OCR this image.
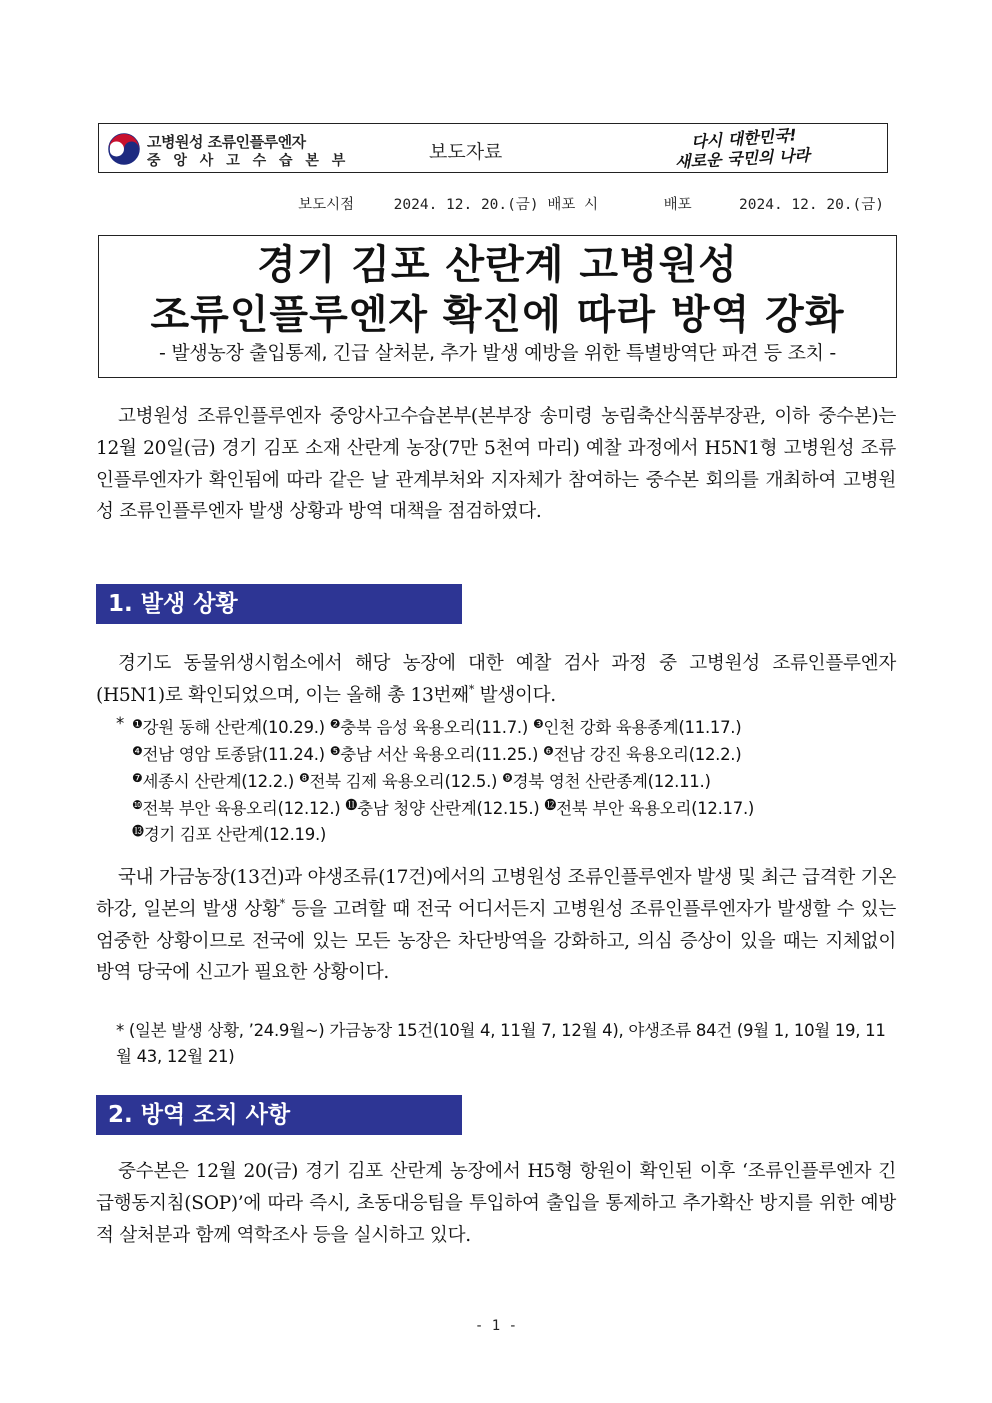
고병원성 조류인플루엔자
중 앙 사 고 수 습 본 부	보도자료
다시 대한민국!
새로운 국민의 나라
보도시점	2024. 12. 20.(금) 배포 시	배포	2024. 12. 20.(금)
경기 김포 산란계 고병원성
조류인플루엔자 확진에 따라 방역 강화
- 발생농장 출입통제, 긴급 살처분, 추가 발생 예방을 위한 특별방역단 파견 등 조치 -
고병원성 조류인플루엔자 중앙사고수습본부(본부장 송미령 농림축산식품부장관, 이하 중수본)는 12월 20일(금) 경기 김포 소재 산란계 농장(7만 5천여 마리) 예찰 과정에서 H5N1형 고병원성 조류인플루엔자가 확인됨에 따라 같은 날 관계부처와 지자체가 참여하는 중수본 회의를 개최하여 고병원성 조류인플루엔자 발생 상황과 방역 대책을 점검하였다.
1. 발생 상황
경기도 동물위생시험소에서 해당 농장에 대한 예찰 검사 과정 중 고병원성 조류인플루엔자(H5N1)로 확인되었으며, 이는 올해 총 13번째* 발생이다.
* $^❶$강원 동해 산란계(10.29.) $^❷$충북 음성 육용오리(11.7.) $^❸$인천 강화 육용종계(11.17.)
$^❹$전남 영암 토종닭(11.24.) $^❺$충남 서산 육용오리(11.25.) $^❻$전남 강진 육용오리(12.2.)
$^❼$세종시 산란계(12.2.) $^❽$전북 김제 육용오리(12.5.) $^❾$경북 영천 산란종계(12.11.)
$^❿$전북 부안 육용오리(12.12.) ⓫충남 청양 산란계(12.15.) ⓬전북 부안 육용오리(12.17.)
⓭경기 김포 산란계(12.19.)
국내 가금농장(13건)과 야생조류(17건)에서의 고병원성 조류인플루엔자 발생 및 최근 급격한 기온 하강, 일본의 발생 상황* 등을 고려할 때 전국 어디서든지 고병원성 조류인플루엔자가 발생할 수 있는 엄중한 상황이므로 전국에 있는 모든 농장은 차단방역을 강화하고, 의심 증상이 있을 때는 지체없이 방역 당국에 신고가 필요한 상황이다.
* (일본 발생 상황, ’24.9월~) 가금농장 15건(10월 4, 11월 7, 12월 4), 야생조류 84건 (9월 1, 10월 19, 11월 43, 12월 21)
2. 방역 조치 사항
중수본은 12월 20(금) 경기 김포 산란계 농장에서 H5형 항원이 확인된 이후 ‘조류인플루엔자 긴급행동지침(SOP)’에 따라 즉시, 초동대응팀을 투입하여 출입을 통제하고 추가확산 방지를 위한 예방적 살처분과 함께 역학조사 등을 실시하고 있다.
- 1 -
